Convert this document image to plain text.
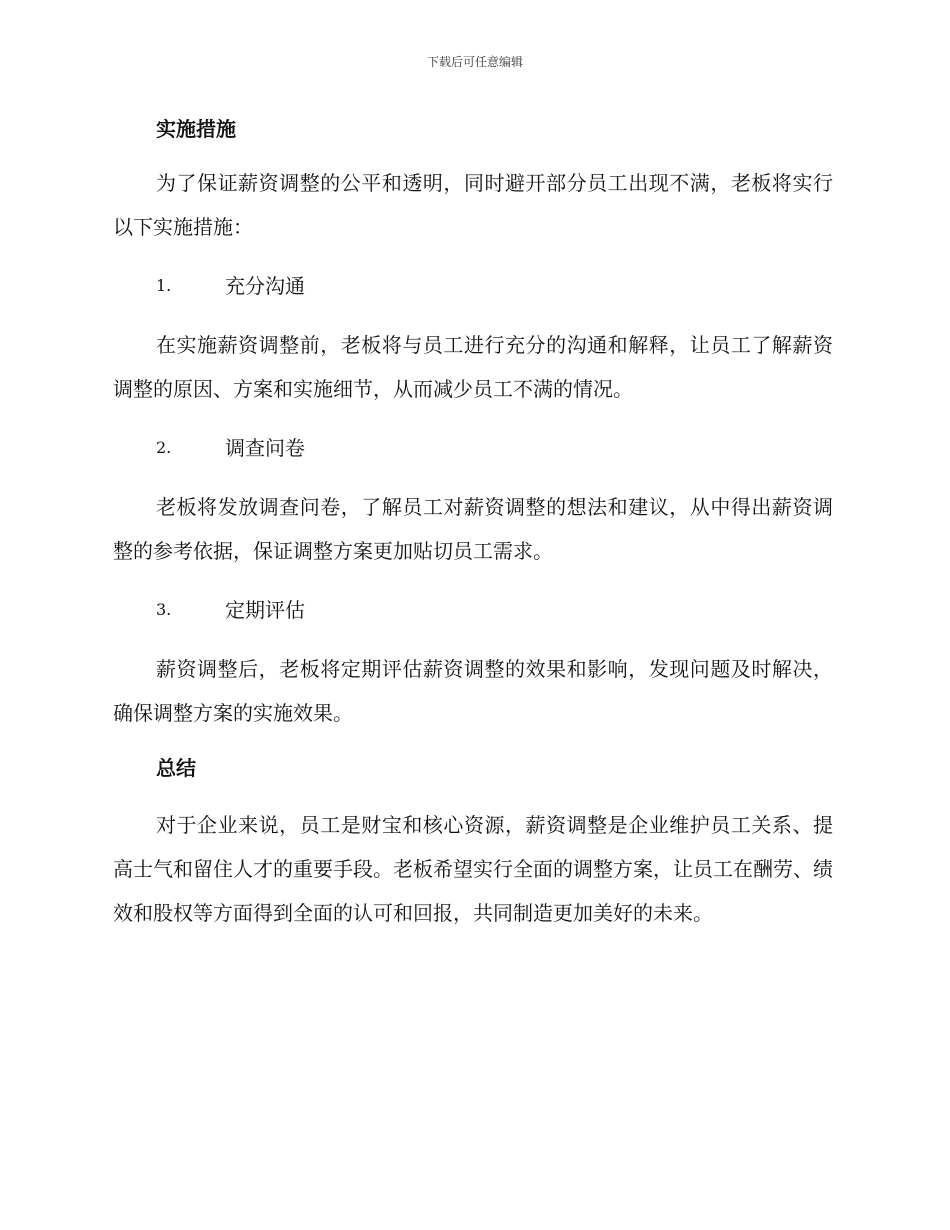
下载后可任意编辑
实施措施

为了保证薪资调整的公平和透明，同时避开部分员工出现不满，老板将实行以下实施措施：

1.	充分沟通

在实施薪资调整前，老板将与员工进行充分的沟通和解释，让员工了解薪资调整的原因、方案和实施细节，从而减少员工不满的情况。

2.	调查问卷

老板将发放调查问卷，了解员工对薪资调整的想法和建议，从中得出薪资调整的参考依据，保证调整方案更加贴切员工需求。

3.	定期评估

薪资调整后，老板将定期评估薪资调整的效果和影响，发现问题及时解决，确保调整方案的实施效果。

总结

对于企业来说，员工是财宝和核心资源，薪资调整是企业维护员工关系、提高士气和留住人才的重要手段。老板希望实行全面的调整方案，让员工在酬劳、绩效和股权等方面得到全面的认可和回报，共同制造更加美好的未来。
